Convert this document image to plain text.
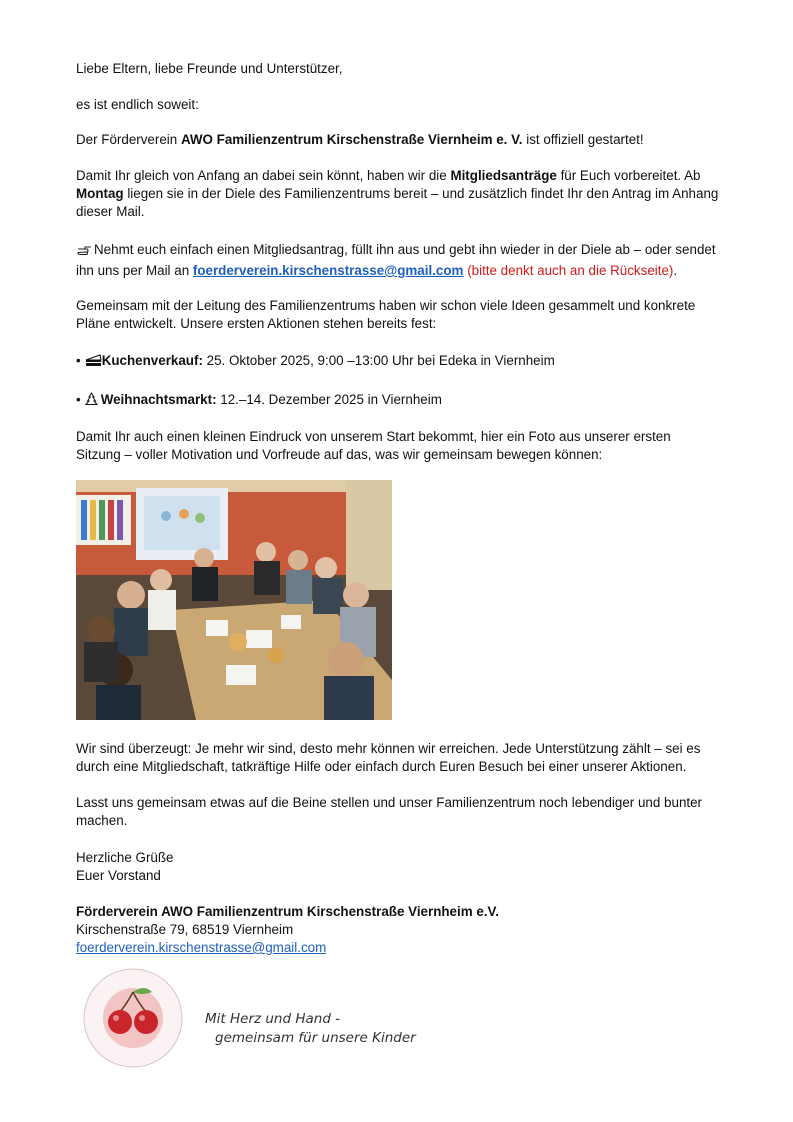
Liebe Eltern, liebe Freunde und Unterstützer,

es ist endlich soweit:

Der Förderverein AWO Familienzentrum Kirschenstraße Viernheim e. V. ist offiziell gestartet!

Damit Ihr gleich von Anfang an dabei sein könnt, haben wir die Mitgliedsanträge für Euch vorbereitet. Ab Montag liegen sie in der Diele des Familienzentrums bereit – und zusätzlich findet Ihr den Antrag im Anhang dieser Mail.

Nehmt euch einfach einen Mitgliedsantrag, füllt ihn aus und gebt ihn wieder in der Diele ab – oder sendet ihn uns per Mail an foerderverein.kirschenstrasse@gmail.com (bitte denkt auch an die Rückseite).

Gemeinsam mit der Leitung des Familienzentrums haben wir schon viele Ideen gesammelt und konkrete Pläne entwickelt. Unsere ersten Aktionen stehen bereits fest:

• Kuchenverkauf: 25. Oktober 2025, 9:00 –13:00 Uhr bei Edeka in Viernheim

• Weihnachtsmarkt: 12.–14. Dezember 2025 in Viernheim

Damit Ihr auch einen kleinen Eindruck von unserem Start bekommt, hier ein Foto aus unserer ersten Sitzung – voller Motivation und Vorfreude auf das, was wir gemeinsam bewegen können:

Wir sind überzeugt: Je mehr wir sind, desto mehr können wir erreichen. Jede Unterstützung zählt – sei es durch eine Mitgliedschaft, tatkräftige Hilfe oder einfach durch Euren Besuch bei einer unserer Aktionen.

Lasst uns gemeinsam etwas auf die Beine stellen und unser Familienzentrum noch lebendiger und bunter machen.

Herzliche Grüße

Euer Vorstand

Förderverein AWO Familienzentrum Kirschenstraße Viernheim e.V.

Kirschenstraße 79, 68519 Viernheim

foerderverein.kirschenstrasse@gmail.com

Mit Herz und Hand -
gemeinsam für unsere Kinder
